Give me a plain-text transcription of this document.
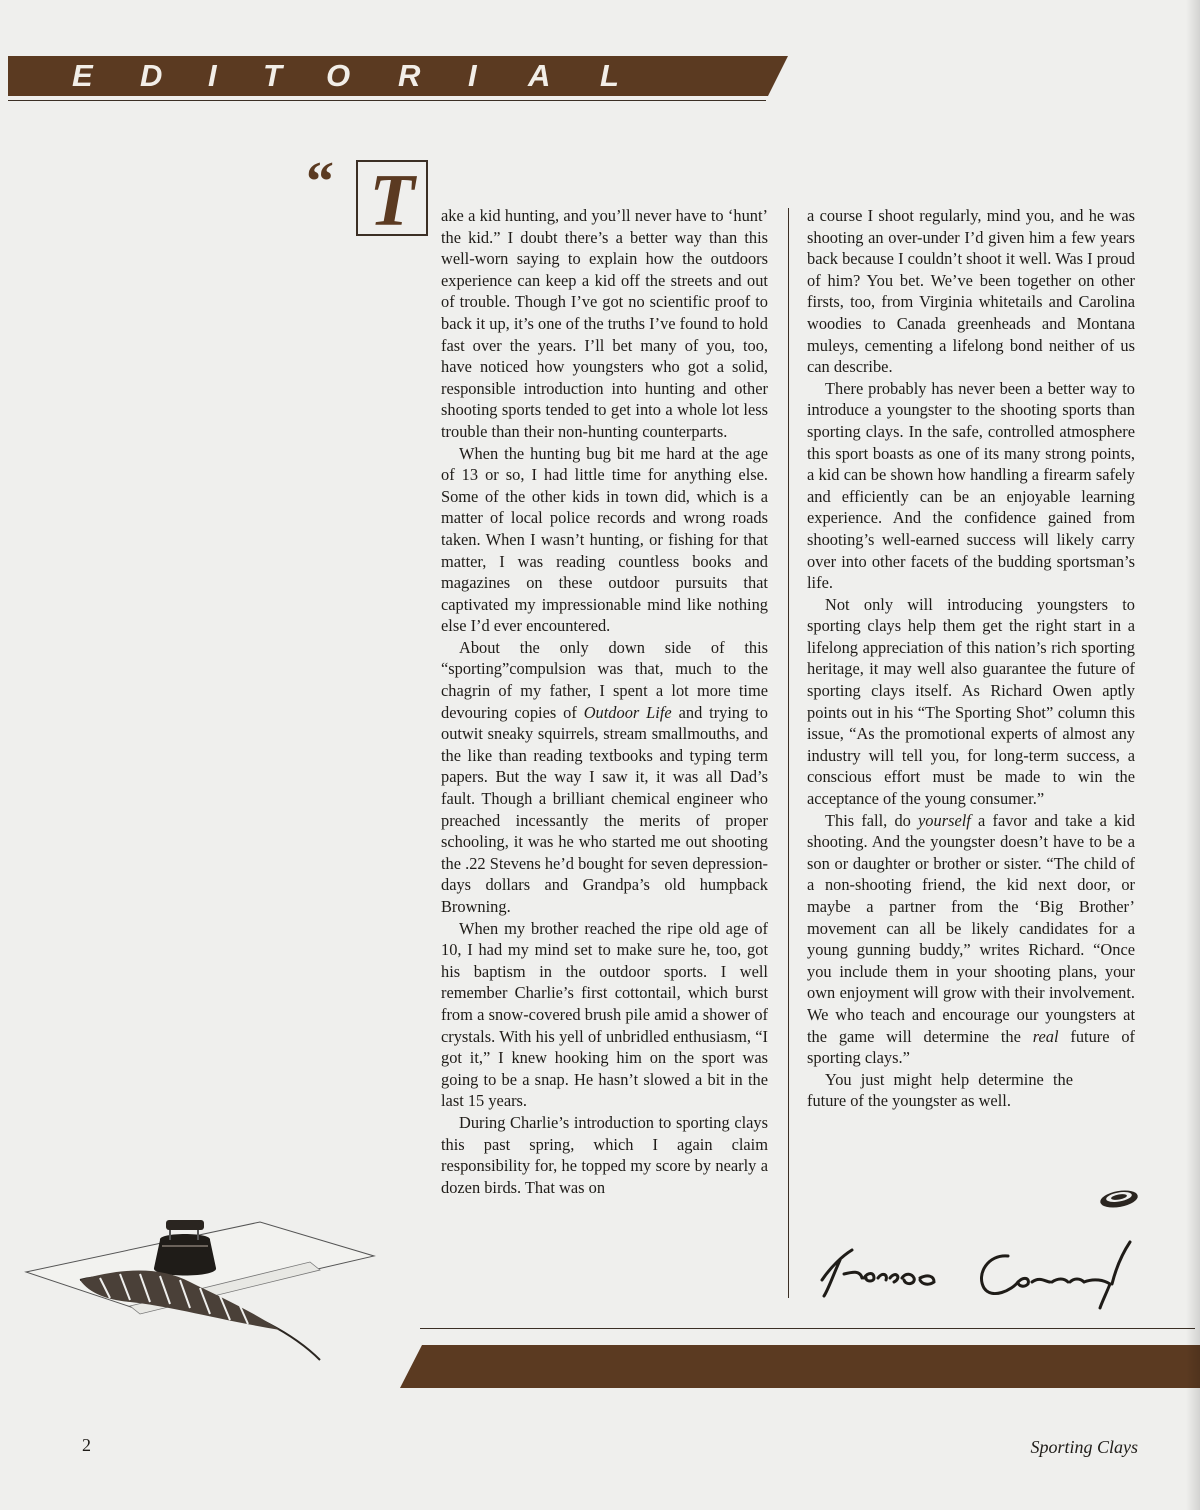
E D I T O R I A L
“ T	ake a kid hunting, and you’ll never have to ‘hunt’ the kid.” I doubt there’s a better way than this well-worn saying to explain how the outdoors experience can keep a kid off the streets and out of trouble. Though I’ve got no scientific proof to back it up, it’s one of the truths I’ve found to hold fast over the years. I’ll bet many of you, too, have noticed how youngsters who got a solid, responsible introduction into hunting and other shooting sports tended to get into a whole lot less trouble than their non-hunting counterparts.

When the hunting bug bit me hard at the age of 13 or so, I had little time for anything else. Some of the other kids in town did, which is a matter of local police records and wrong roads taken. When I wasn’t hunting, or fishing for that matter, I was reading countless books and magazines on these outdoor pursuits that captivated my impressionable mind like nothing else I’d ever encountered.

About the only down side of this “sporting”compulsion was that, much to the chagrin of my father, I spent a lot more time devouring copies of Outdoor Life and trying to outwit sneaky squirrels, stream smallmouths, and the like than reading textbooks and typing term papers. But the way I saw it, it was all Dad’s fault. Though a brilliant chemical engineer who preached incessantly the merits of proper schooling, it was he who started me out shooting the .22 Stevens he’d bought for seven depression-days dollars and Grandpa’s old humpback Browning.

When my brother reached the ripe old age of 10, I had my mind set to make sure he, too, got his baptism in the outdoor sports. I well remember Charlie’s first cottontail, which burst from a snow-covered brush pile amid a shower of crystals. With his yell of unbridled enthusiasm, “I got it,” I knew hooking him on the sport was going to be a snap. He hasn’t slowed a bit in the last 15 years.

During Charlie’s introduction to sporting clays this past spring, which I again claim responsibility for, he topped my score by nearly a dozen birds. That was on

a course I shoot regularly, mind you, and he was shooting an over-under I’d given him a few years back because I couldn’t shoot it well. Was I proud of him? You bet. We’ve been together on other firsts, too, from Virginia whitetails and Carolina woodies to Canada greenheads and Montana muleys, cementing a lifelong bond neither of us can describe.

There probably has never been a better way to introduce a youngster to the shooting sports than sporting clays. In the safe, controlled atmosphere this sport boasts as one of its many strong points, a kid can be shown how handling a firearm safely and efficiently can be an enjoyable learning experience. And the confidence gained from shooting’s well-earned success will likely carry over into other facets of the budding sportsman’s life.

Not only will introducing youngsters to sporting clays help them get the right start in a lifelong appreciation of this nation’s rich sporting heritage, it may well also guarantee the future of sporting clays itself. As Richard Owen aptly points out in his “The Sporting Shot” column this issue, “As the promotional experts of almost any industry will tell you, for long-term success, a conscious effort must be made to win the acceptance of the young consumer.”

This fall, do yourself a favor and take a kid shooting. And the youngster doesn’t have to be a son or daughter or brother or sister. “The child of a non-shooting friend, the kid next door, or maybe a partner from the ‘Big Brother’ movement can all be likely candidates for a young gunning buddy,” writes Richard. “Once you include them in your shooting plans, your own enjoyment will grow with their involvement. We who teach and encourage our youngsters at the game will determine the real future of sporting clays.”

You just might help determine the future of the youngster as well.

2	Sporting Clays
